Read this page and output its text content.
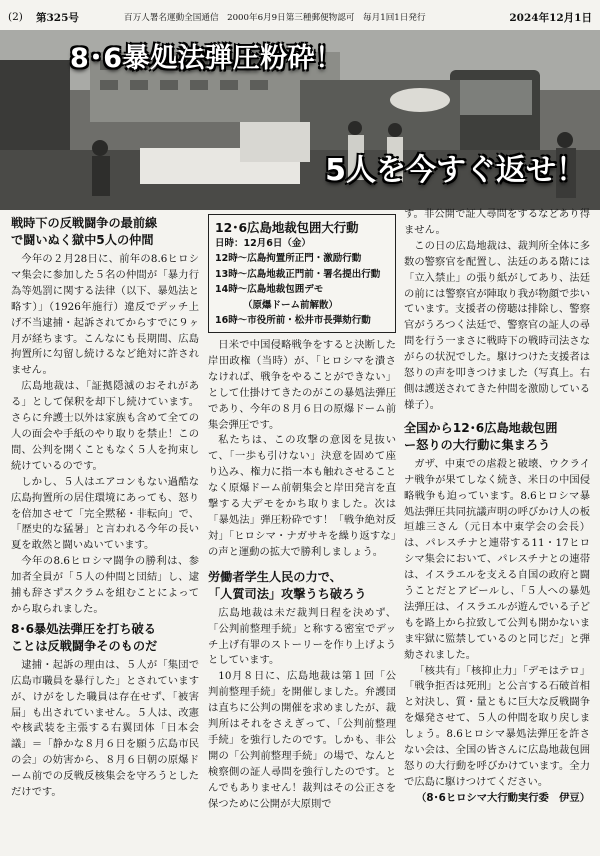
(2)	第325号	百万人署名運動全国通信　2000年6月9日第三種郵便物認可　毎月1回1日発行	2024年12月1日
8･6暴処法弾圧粉砕！
5人を今すぐ返せ！
戦時下の反戦闘争の最前線
で闘いぬく獄中5人の仲間

今年の２月28日に、前年の8.6ヒロシマ集会に参加した５名の仲間が「暴力行為等処罰に関する法律（以下、暴処法と略す）」（1926年施行）違反でデッチ上げ不当逮捕・起訴されてからすでに９ヶ月が経ちます。こんなにも長期間、広島拘置所に勾留し続けるなど絶対に許されません。

広島地裁は、「証拠隠滅のおそれがある」として保釈を却下し続けています。さらに弁護士以外は家族も含めて全ての人の面会や手紙のやり取りを禁止！この間、公判を開くこともなく５人を拘束し続けているのです。

しかし、５人はエアコンもない過酷な広島拘置所の居住環境にあっても、怒りを倍加させて「完全黙秘・非転向」で、「歴史的な猛暑」と言われる今年の長い夏を敢然と闘いぬいています。

今年の8.6ヒロシマ闘争の勝利は、参加者全員が「５人の仲間と団結」し、逮捕も辞さずスクラムを組むことによってから取られました。

8･6暴処法弾圧を打ち破る
ことは反戦闘争そのものだ

逮捕・起訴の理由は、５人が「集団で広島市職員を暴行した」とされていますが、けがをした職員は存在せず、「被害届」も出されていません。５人は、改憲や核武装を主張する右翼団体「日本会議」＝「静かな８月６日を願う広島市民の会」の妨害から、８月６日朝の原爆ドーム前での反戦反核集会を守ろうとしただけです。

12･6広島地裁包囲大行動
日時：12月6日（金）
12時～広島拘置所正門・激励行動
13時～広島地裁正門前・署名提出行動
14時～広島地裁包囲デモ
（原爆ドーム前解散）
16時～市役所前・松井市長弾劾行動

日米で中国侵略戦争をすると決断した岸田政権（当時）が、「ヒロシマを潰さなければ、戦争をやることができない」として仕掛けてきたのがこの暴処法弾圧であり、今年の８月６日の原爆ドーム前集会弾圧です。

私たちは、この攻撃の意図を見抜いて、「一歩も引けない」決意を固めて座り込み、権力に指一本も触れさせることなく原爆ドーム前朝集会と岸田発言を直撃する大デモをかち取りました。次は「暴処法」弾圧粉砕です！「戦争絶対反対」「ヒロシマ・ナガサキを繰り返すな」の声と運動の拡大で勝利しましょう。

労働者学生人民の力で、
「人質司法」攻撃うち破ろう

広島地裁は未だ裁判日程を決めず、「公判前整理手続」と称する密室でデッチ上げ有罪のストーリーを作り上げようとしています。

10月８日に、広島地裁は第１回「公判前整理手続」を開催しました。弁護団は直ちに公判の開催を求めましたが、裁判所はそれをさえぎって、「公判前整理手続」を強行したのです。しかも、非公開の「公判前整理手続」の場で、なんと検察側の証人尋問を強行したのです。とんでもありません！裁判はその公正さを保つために公開が大原則で

す。非公開で証人尋問をするなどあり得ません。

この日の広島地裁は、裁判所全体に多数の警察官を配置し、法廷のある階には「立入禁止」の張り紙がしてあり、法廷の前には警察官が陣取り我が物顔で歩いています。支援者の傍聴は排除し、警察官がうろつく法廷で、警察官の証人の尋問を行う一まさに戦時下の戦時司法さながらの状況でした。駆けつけた支援者は怒りの声を叩きつけました（写真上。右側は護送されてきた仲間を激励している様子）。

全国から12･6広島地裁包囲
ー怒りの大行動に集まろう

ガザ、中東での虐殺と破壊、ウクライナ戦争が果てしなく続き、米日の中国侵略戦争も迫っています。8.6ヒロシマ暴処法弾圧共同抗議声明の呼びかけ人の板垣雄三さん（元日本中東学会の会長）は、パレスチナと連帯する11・17ヒロシマ集会において、パレスチナとの連帯は、イスラエルを支える自国の政府と闘うことだとアピールし、「５人への暴処法弾圧は、イスラエルが遊んでいる子どもを路上から拉致して公判も開かないまま牢獄に監禁しているのと同じだ」と弾劾されました。

「核共有」「核抑止力」「デモはテロ」「戦争拒否は死刑」と公言する石破首相と対決し、質・量ともに巨大な反戦闘争を爆発させて、５人の仲間を取り戻しましょう。8.6ヒロシマ暴処法弾圧を許さない会は、全国の皆さんに広島地裁包囲怒りの大行動を呼びかけています。全力で広島に駆けつけてください。

（8･6ヒロシマ大行動実行委　伊豆）
